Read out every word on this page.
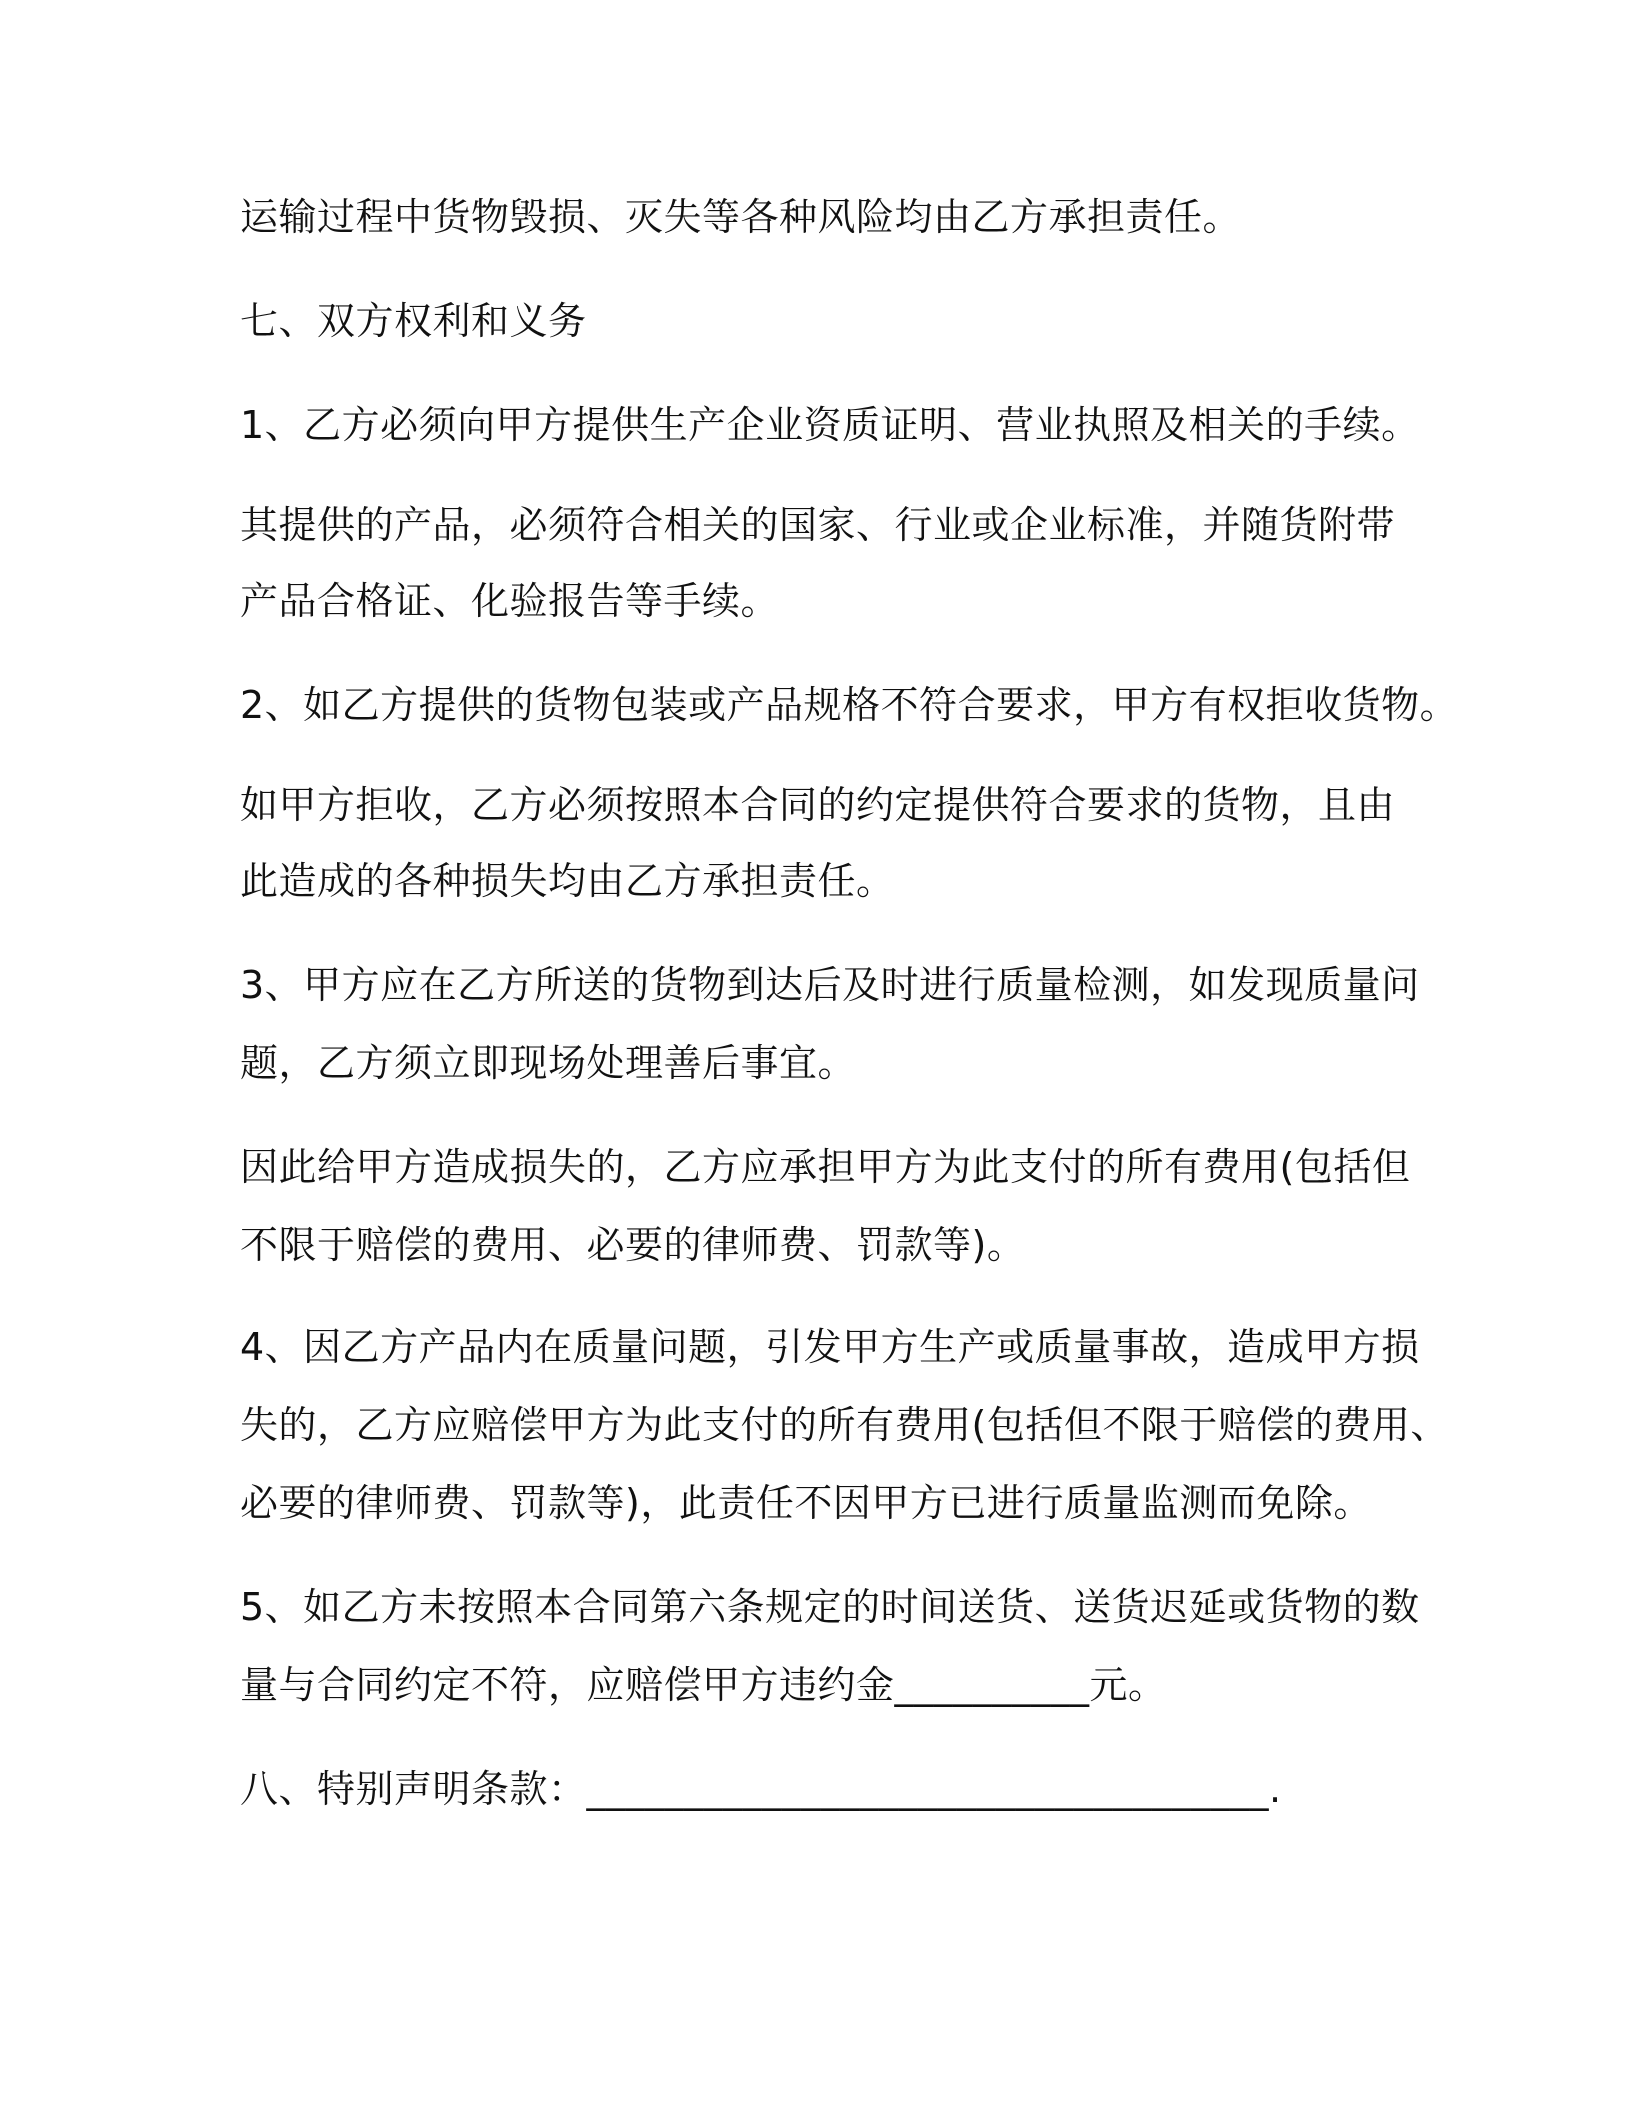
运输过程中货物毁损、灭失等各种风险均由乙方承担责任。
七、双方权利和义务
1、乙方必须向甲方提供生产企业资质证明、营业执照及相关的手续。
其提供的产品，必须符合相关的国家、行业或企业标准，并随货附带
产品合格证、化验报告等手续。
2、如乙方提供的货物包装或产品规格不符合要求，甲方有权拒收货物。
如甲方拒收，乙方必须按照本合同的约定提供符合要求的货物，且由
此造成的各种损失均由乙方承担责任。
3、甲方应在乙方所送的货物到达后及时进行质量检测，如发现质量问
题，乙方须立即现场处理善后事宜。
因此给甲方造成损失的，乙方应承担甲方为此支付的所有费用(包括但
不限于赔偿的费用、必要的律师费、罚款等)。
4、因乙方产品内在质量问题，引发甲方生产或质量事故，造成甲方损
失的，乙方应赔偿甲方为此支付的所有费用(包括但不限于赔偿的费用、
必要的律师费、罚款等)，此责任不因甲方已进行质量监测而免除。
5、如乙方未按照本合同第六条规定的时间送货、送货迟延或货物的数
量与合同约定不符，应赔偿甲方违约金__________元。
八、特别声明条款：___________________________________.
